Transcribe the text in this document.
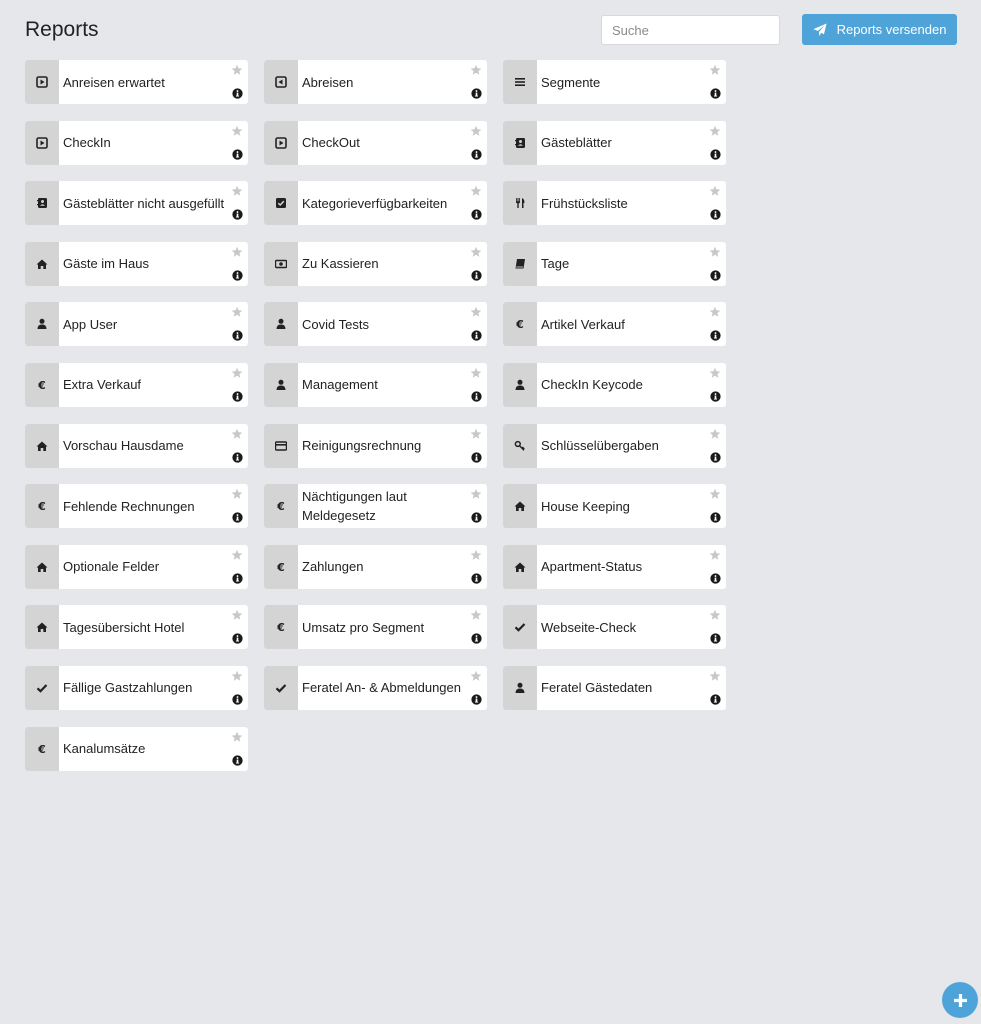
Reports
Suche	Reports versenden
Anreisen erwartet	Abreisen	Segmente
CheckIn	CheckOut	Gästeblätter
Gästeblätter nicht ausgefüllt	Kategorieverfügbarkeiten	Frühstücksliste
Gäste im Haus	Zu Kassieren	Tage
App User	Covid Tests	€	Artikel Verkauf
€	Extra Verkauf	Management	CheckIn Keycode
Vorschau Hausdame	Reinigungsrechnung	Schlüsselübergaben
€	Fehlende Rechnungen	€
Nächtigungen laut Meldegesetz
House Keeping
Optionale Felder	€	Zahlungen	Apartment-Status
Tagesübersicht Hotel	€	Umsatz pro Segment	Webseite-Check
Fällige Gastzahlungen	Feratel An- & Abmeldungen	Feratel Gästedaten
€	Kanalumsätze
